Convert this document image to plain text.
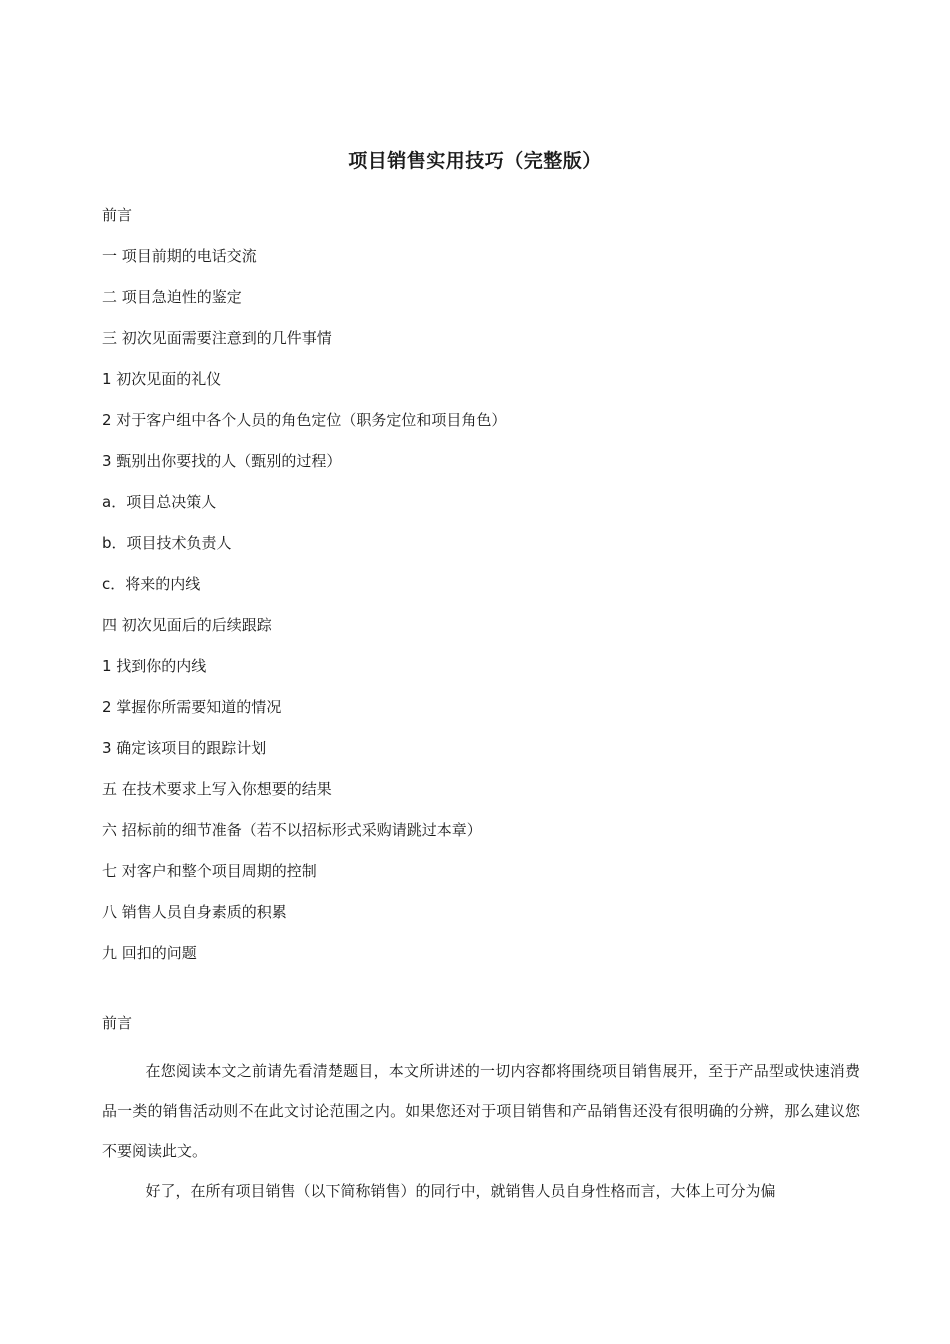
项目销售实用技巧（完整版）
前言
一 项目前期的电话交流
二 项目急迫性的鉴定
三 初次见面需要注意到的几件事情
1 初次见面的礼仪
2 对于客户组中各个人员的角色定位（职务定位和项目角色）
3 甄别出你要找的人（甄别的过程）
a．项目总决策人
b．项目技术负责人
c．将来的内线
四 初次见面后的后续跟踪
1 找到你的内线
2 掌握你所需要知道的情况
3 确定该项目的跟踪计划
五 在技术要求上写入你想要的结果
六 招标前的细节准备（若不以招标形式采购请跳过本章）
七 对客户和整个项目周期的控制
八 销售人员自身素质的积累
九 回扣的问题
前言

在您阅读本文之前请先看清楚题目，本文所讲述的一切内容都将围绕项目销售展开，至于产品型或快速消费品一类的销售活动则不在此文讨论范围之内。如果您还对于项目销售和产品销售还没有很明确的分辨，那么建议您不要阅读此文。

好了，在所有项目销售（以下简称销售）的同行中，就销售人员自身性格而言，大体上可分为偏
